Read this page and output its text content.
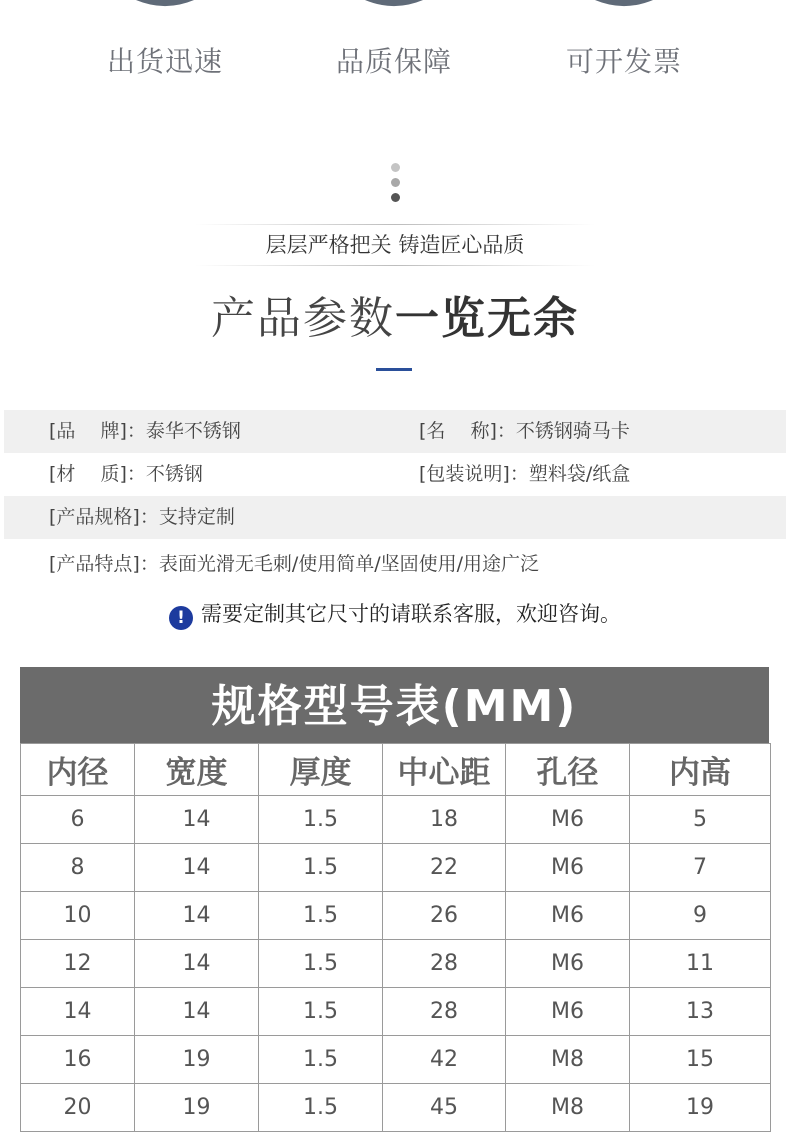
出货迅速	品质保障	可开发票
层层严格把关 铸造匠心品质
产品参数一览无余
[品　 牌]：泰华不锈钢	[名　 称]：不锈钢骑马卡
[材　 质]：不锈钢	[包装说明]：塑料袋/纸盒
[产品规格]：支持定制
[产品特点]：表面光滑无毛刺/使用简单/坚固使用/用途广泛
! 需要定制其它尺寸的请联系客服，欢迎咨询。
规格型号表(MM)
内径	宽度	厚度	中心距	孔径	内高
6	14	1.5	18	M6	5
8	14	1.5	22	M6	7
10	14	1.5	26	M6	9
12	14	1.5	28	M6	11
14	14	1.5	28	M6	13
16	19	1.5	42	M8	15
20	19	1.5	45	M8	19
